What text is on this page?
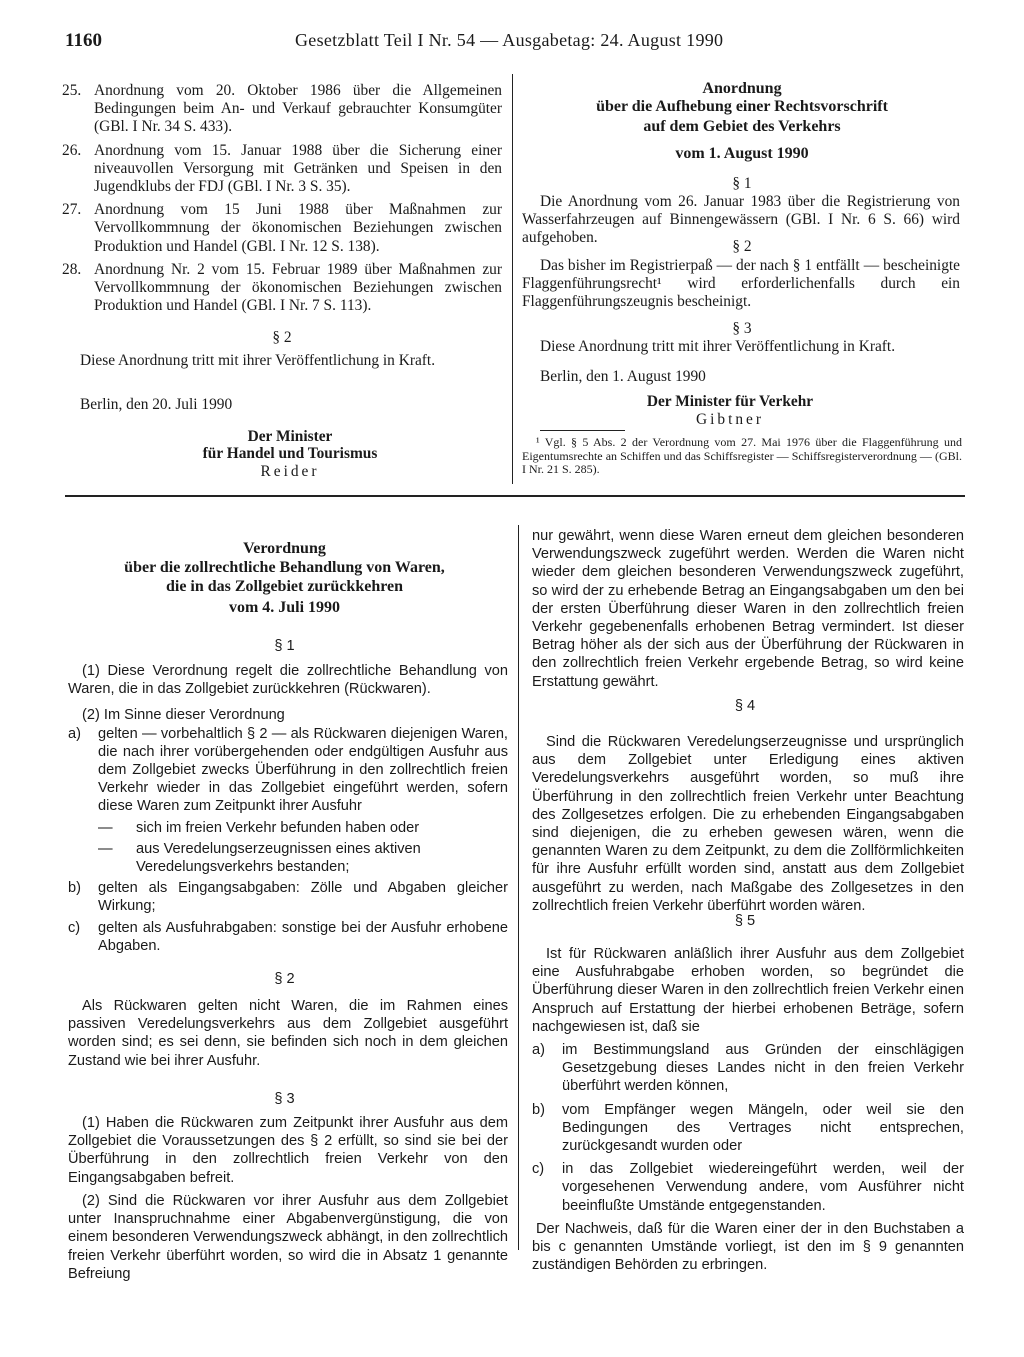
1160	Gesetzblatt Teil I Nr. 54 — Ausgabetag: 24. August 1990
25. Anordnung vom 20. Oktober 1986 über die Allgemeinen Bedingungen beim An- und Verkauf gebrauchter Konsumgüter (GBl. I Nr. 34 S. 433).
26. Anordnung vom 15. Januar 1988 über die Sicherung einer niveauvollen Versorgung mit Getränken und Speisen in den Jugendklubs der FDJ (GBl. I Nr. 3 S. 35).
27. Anordnung vom 15 Juni 1988 über Maßnahmen zur Vervollkommnung der ökonomischen Beziehungen zwischen Produktion und Handel (GBl. I Nr. 12 S. 138).
28. Anordnung Nr. 2 vom 15. Februar 1989 über Maßnahmen zur Vervollkommnung der ökonomischen Beziehungen zwischen Produktion und Handel (GBl. I Nr. 7 S. 113).
§ 2
Diese Anordnung tritt mit ihrer Veröffentlichung in Kraft.
Berlin, den 20. Juli 1990
Der Minister
für Handel und Tourismus
Reider
Anordnung
über die Aufhebung einer Rechtsvorschrift
auf dem Gebiet des Verkehrs
vom 1. August 1990
§ 1
Die Anordnung vom 26. Januar 1983 über die Registrierung von Wasserfahrzeugen auf Binnengewässern (GBl. I Nr. 6 S. 66) wird aufgehoben.
§ 2
Das bisher im Registrierpaß — der nach § 1 entfällt — bescheinigte Flaggenführungsrecht¹ wird erforderlichenfalls durch ein Flaggenführungszeugnis bescheinigt.
§ 3
Diese Anordnung tritt mit ihrer Veröffentlichung in Kraft.
Berlin, den 1. August 1990
Der Minister für Verkehr
Gibtner
¹ Vgl. § 5 Abs. 2 der Verordnung vom 27. Mai 1976 über die Flaggenführung und Eigentumsrechte an Schiffen und das Schiffsregister — Schiffsregisterverordnung — (GBl. I Nr. 21 S. 285).
Verordnung
über die zollrechtliche Behandlung von Waren,
die in das Zollgebiet zurückkehren
vom 4. Juli 1990
§ 1
(1) Diese Verordnung regelt die zollrechtliche Behandlung von Waren, die in das Zollgebiet zurückkehren (Rückwaren).
(2) Im Sinne dieser Verordnung
a)	gelten — vorbehaltlich § 2 — als Rückwaren diejenigen Waren, die nach ihrer vorübergehenden oder endgültigen Ausfuhr aus dem Zollgebiet zwecks Überführung in den zollrechtlich freien Verkehr wieder in das Zollgebiet eingeführt werden, sofern diese Waren zum Zeitpunkt ihrer Ausfuhr
—	sich im freien Verkehr befunden haben oder
—	aus Veredelungserzeugnissen eines aktiven Veredelungsverkehrs bestanden;
b)	gelten als Eingangsabgaben: Zölle und Abgaben gleicher Wirkung;
c)	gelten als Ausfuhrabgaben: sonstige bei der Ausfuhr erhobene Abgaben.
§ 2
Als Rückwaren gelten nicht Waren, die im Rahmen eines passiven Veredelungsverkehrs aus dem Zollgebiet ausgeführt worden sind; es sei denn, sie befinden sich noch in dem gleichen Zustand wie bei ihrer Ausfuhr.
§ 3
(1) Haben die Rückwaren zum Zeitpunkt ihrer Ausfuhr aus dem Zollgebiet die Voraussetzungen des § 2 erfüllt, so sind sie bei der Überführung in den zollrechtlich freien Verkehr von den Eingangsabgaben befreit.
(2) Sind die Rückwaren vor ihrer Ausfuhr aus dem Zollgebiet unter Inanspruchnahme einer Abgabenvergünstigung, die von einem besonderen Verwendungszweck abhängt, in den zollrechtlich freien Verkehr überführt worden, so wird die in Absatz 1 genannte Befreiung
nur gewährt, wenn diese Waren erneut dem gleichen besonderen Verwendungszweck zugeführt werden. Werden die Waren nicht wieder dem gleichen besonderen Verwendungszweck zugeführt, so wird der zu erhebende Betrag an Eingangsabgaben um den bei der ersten Überführung dieser Waren in den zollrechtlich freien Verkehr gegebenenfalls erhobenen Betrag vermindert. Ist dieser Betrag höher als der sich aus der Überführung der Rückwaren in den zollrechtlich freien Verkehr ergebende Betrag, so wird keine Erstattung gewährt.
§ 4
Sind die Rückwaren Veredelungserzeugnisse und ursprünglich aus dem Zollgebiet unter Erledigung eines aktiven Veredelungsverkehrs ausgeführt worden, so muß ihre Überführung in den zollrechtlich freien Verkehr unter Beachtung des Zollgesetzes erfolgen. Die zu erhebenden Eingangsabgaben sind diejenigen, die zu erheben gewesen wären, wenn die genannten Waren zu dem Zeitpunkt, zu dem die Zollförmlichkeiten für ihre Ausfuhr erfüllt worden sind, anstatt aus dem Zollgebiet ausgeführt zu werden, nach Maßgabe des Zollgesetzes in den zollrechtlich freien Verkehr überführt worden wären.
§ 5
Ist für Rückwaren anläßlich ihrer Ausfuhr aus dem Zollgebiet eine Ausfuhrabgabe erhoben worden, so begründet die Überführung dieser Waren in den zollrechtlich freien Verkehr einen Anspruch auf Erstattung der hierbei erhobenen Beträge, sofern nachgewiesen ist, daß sie
a)	im Bestimmungsland aus Gründen der einschlägigen Gesetzgebung dieses Landes nicht in den freien Verkehr überführt werden können,
b)	vom Empfänger wegen Mängeln, oder weil sie den Bedingungen des Vertrages nicht entsprechen, zurückgesandt wurden oder
c)	in das Zollgebiet wiedereingeführt werden, weil der vorgesehenen Verwendung andere, vom Ausführer nicht beeinflußte Umstände entgegenstanden.
Der Nachweis, daß für die Waren einer der in den Buchstaben a bis c genannten Umstände vorliegt, ist den im § 9 genannten zuständigen Behörden zu erbringen.
